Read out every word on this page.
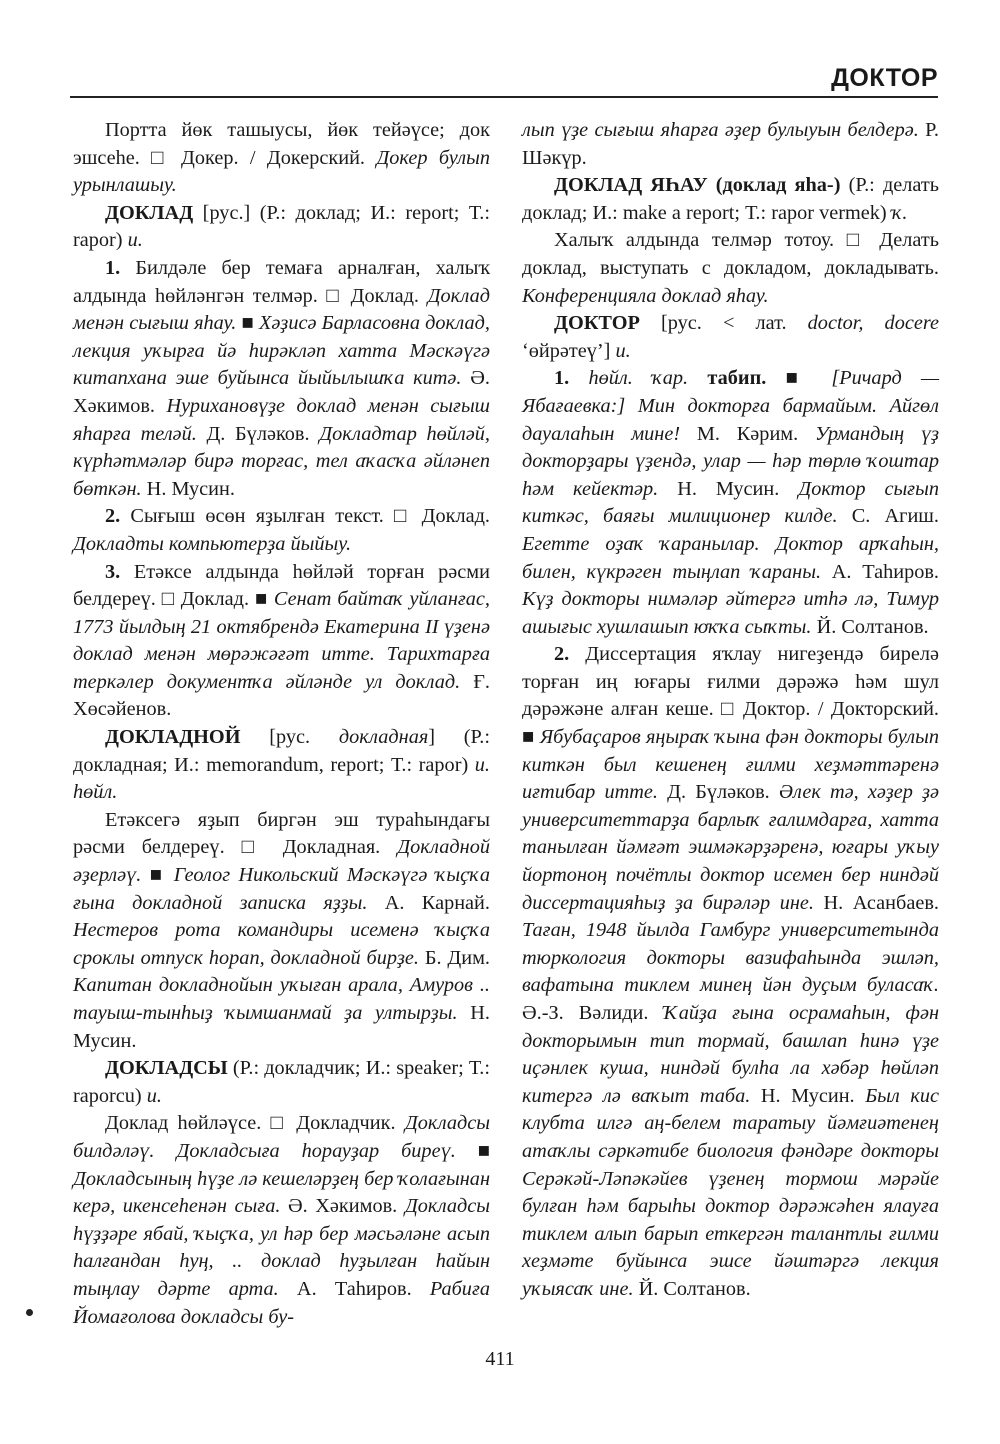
ДОКТОР

Портта йөк ташыусы, йөк тейәүсе; док эшсеһе. □ Докер. / Докерский. Докер булып урынлашыу.

ДОКЛАД [рус.] (Р.: доклад; И.: report; Т.: rapor) и.

1. Билдәле бер темаға арналған, халыҡ алдында һөйләнгән телмәр. □ Доклад. Доклад менән сығыш яһау. ■ Хәҙисә Барласовна доклад, лекция уҡырға йә һирәкләп хатта Мәскәүгә китапхана эше буйынса йыйылышҡа китә. Ә. Хәкимов. Нурихановүҙе доклад менән сығыш яһарға теләй. Д. Бүләков. Докладтар һөйләй, күрһәтмәләр бирә торғас, тел аҡасҡа әйләнеп бөткән. Н. Мусин.

2. Сығыш өсөн яҙылған текст. □ Доклад. Докладты компьютерҙа йыйыу.

3. Етәксе алдында һөйләй торған рәсми белдереү. □ Доклад. ■ Сенат байтаҡ уйланғас, 1773 йылдың 21 октябрендә Екатерина II үҙенә доклад менән мөрәжәғәт итте. Тарихтарға теркәлер документҡа әйләнде ул доклад. Ғ. Хөсәйенов.

ДОКЛАДНОЙ [рус. докладная] (Р.: докладная; И.: memorandum, report; Т.: rapor) и. һөйл.

Етәксегә яҙып биргән эш тураһындағы рәсми белдереү. □ Докладная. Докладной әҙерләү. ■ Геолог Никольский Мәскәүгә ҡыҫҡа ғына докладной записка яҙҙы. А. Карнай. Нестеров рота командиры исеменә ҡыҫҡа сроклы отпуск һорап, докладной бирҙе. Б. Дим. Капитан докладнойын уҡыған арала, Амуров .. тауыш-тынһыҙ ҡымшанмай ҙа ултырҙы. Н. Мусин.

ДОКЛАДСЫ (Р.: докладчик; И.: speaker; Т.: raporcu) и.

Доклад һөйләүсе. □ Докладчик. Докладсы билдәләү. Докладсыға һорауҙар биреү. ■ Докладсының һүҙе лә кешеләрҙең бер ҡолағынан керә, икенсеһенән сыға. Ә. Хәкимов. Докладсы һүҙҙәре ябай, ҡыҫҡа, ул һәр бер мәсьәләне асып һалғандан һуң, .. доклад һуҙылған һайын тыңлау дәрте арта. А. Таһиров. Рабиға Йомағолова докладсы бу-

лып үҙе сығыш яһарға әҙер булыуын белдерә. Р. Шәкүр.

ДОКЛАД ЯҺАУ (доклад яһа-) (Р.: делать доклад; И.: make a report; Т.: rapor vermek) ҡ.

Халыҡ алдында телмәр тотоу. □ Делать доклад, выступать с докладом, докладывать. Конференцияла доклад яһау.

ДОКТОР [рус. < лат. doctor, docere ‘өйрәтеү’] и.

1. һөйл. ҡар. табип. ■ [Ричард — Ябағаевка:] Мин докторға бармайым. Айгөл дауалаһын мине! М. Кәрим. Урмандың үҙ докторҙары үҙендә, улар — һәр төрлө ҡоштар һәм кейектәр. Н. Мусин. Доктор сығып киткәс, баяғы милиционер килде. С. Агиш. Егетте оҙаҡ ҡаранылар. Доктор арҡаһын, билен, күкрәген тыңлап ҡараны. А. Таһиров. Күҙ докторы нимәләр әйтергә итһә лә, Тимур ашығыс хушлашып юҡҡа сыҡты. Й. Солтанов.

2. Диссертация яҡлау нигеҙендә бирелә торған иң юғары ғилми дәрәжә һәм шул дәрәжәне алған кеше. □ Доктор. / Докторский. ■ Ябубаҫаров яңыраҡ ҡына фән докторы булып киткән был кешенең ғилми хеҙмәттәренә иғтибар итте. Д. Бүләков. Әлек тә, хәҙер ҙә университеттарҙа барлыҡ ғалимдарға, хатта танылған йәмғәт эшмәкәрҙәренә, юғары уҡыу йортоноң почётлы доктор исемен бер ниндәй диссертацияһыҙ ҙа бирәләр ине. Н. Асанбаев. Таған, 1948 йылда Гамбург университетында тюркология докторы вазифаһында эшләп, вафатына тиклем минең йән дуҫым буласаҡ. Ә.-З. Вәлиди. Ҡайҙа ғына осрамаһын, фән докторымын тип тормай, башлап һинә үҙе иҫәнлек куша, ниндәй булһа ла хәбәр һөйләп китергә лә ваҡыт таба. Н. Мусин. Был кис клубта илгә аң-белем таратыу йәмғиәтенең атаҡлы сәркәтибе биология фәндәре докторы Серәкәй-Ләпәкәйев үҙенең тормош мәрәйе булған һәм барыһы доктор дәрәжәһен ялауға тиклем алып барып еткергән талантлы ғилми хеҙмәте буйынса эшсе йәштәргә лекция уҡыясаҡ ине. Й. Солтанов.

411
